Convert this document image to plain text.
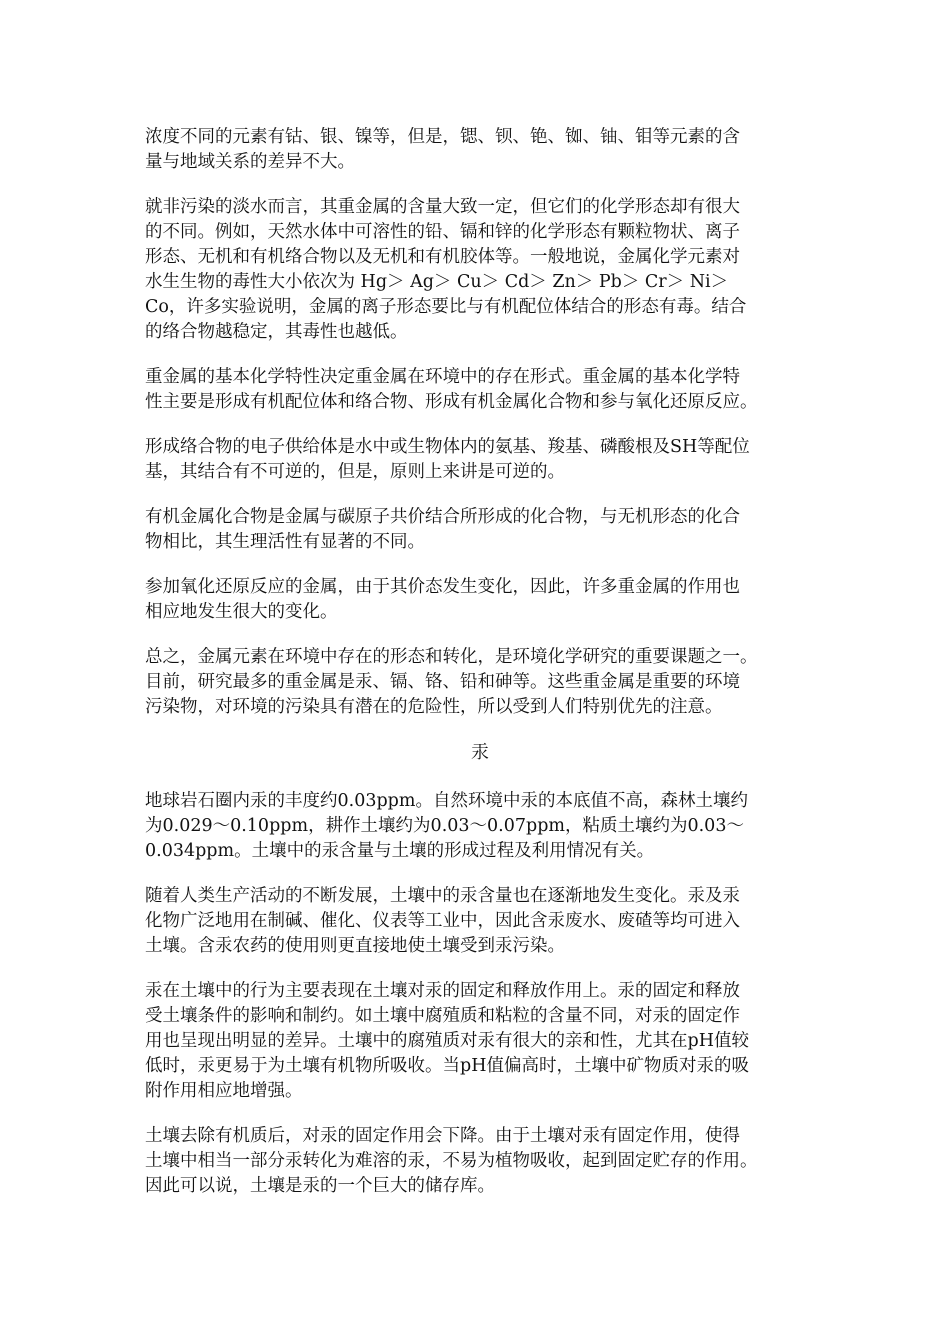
浓度不同的元素有钴、银、镍等，但是，锶、钡、铯、铷、铀、钼等元素的含
量与地域关系的差异不大。

就非污染的淡水而言，其重金属的含量大致一定，但它们的化学形态却有很大
的不同。例如，天然水体中可溶性的铅、镉和锌的化学形态有颗粒物状、离子
形态、无机和有机络合物以及无机和有机胶体等。一般地说，金属化学元素对
水生生物的毒性大小依次为 Hg＞ Ag＞ Cu＞ Cd＞ Zn＞ Pb＞ Cr＞ Ni＞
Co，许多实验说明，金属的离子形态要比与有机配位体结合的形态有毒。结合
的络合物越稳定，其毒性也越低。

重金属的基本化学特性决定重金属在环境中的存在形式。重金属的基本化学特
性主要是形成有机配位体和络合物、形成有机金属化合物和参与氧化还原反应。

形成络合物的电子供给体是水中或生物体内的氨基、羧基、磷酸根及SH等配位
基，其结合有不可逆的，但是，原则上来讲是可逆的。

有机金属化合物是金属与碳原子共价结合所形成的化合物，与无机形态的化合
物相比，其生理活性有显著的不同。

参加氧化还原反应的金属，由于其价态发生变化，因此，许多重金属的作用也
相应地发生很大的变化。

总之，金属元素在环境中存在的形态和转化，是环境化学研究的重要课题之一。
目前，研究最多的重金属是汞、镉、铬、铅和砷等。这些重金属是重要的环境
污染物，对环境的污染具有潜在的危险性，所以受到人们特别优先的注意。

汞

地球岩石圈内汞的丰度约0.03ppm。自然环境中汞的本底值不高，森林土壤约
为0.029～0.10ppm，耕作土壤约为0.03～0.07ppm，粘质土壤约为0.03～
0.034ppm。土壤中的汞含量与土壤的形成过程及利用情况有关。

随着人类生产活动的不断发展，土壤中的汞含量也在逐渐地发生变化。汞及汞
化物广泛地用在制碱、催化、仪表等工业中，因此含汞废水、废碴等均可进入
土壤。含汞农药的使用则更直接地使土壤受到汞污染。

汞在土壤中的行为主要表现在土壤对汞的固定和释放作用上。汞的固定和释放
受土壤条件的影响和制约。如土壤中腐殖质和粘粒的含量不同，对汞的固定作
用也呈现出明显的差异。土壤中的腐殖质对汞有很大的亲和性，尤其在pH值较
低时，汞更易于为土壤有机物所吸收。当pH值偏高时，土壤中矿物质对汞的吸
附作用相应地增强。

土壤去除有机质后，对汞的固定作用会下降。由于土壤对汞有固定作用，使得
土壤中相当一部分汞转化为难溶的汞，不易为植物吸收，起到固定贮存的作用。
因此可以说，土壤是汞的一个巨大的储存库。
